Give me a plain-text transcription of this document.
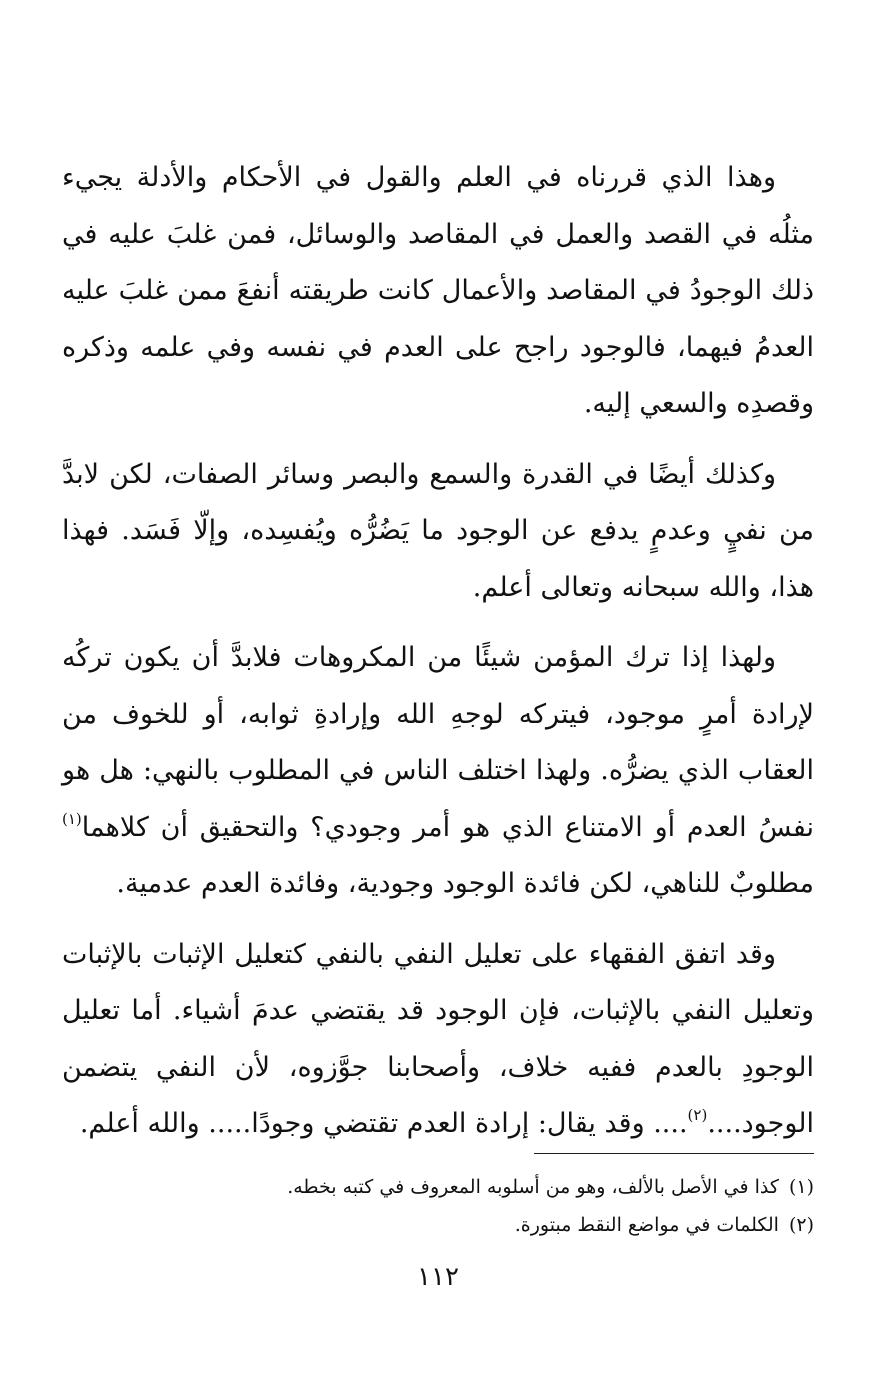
وهذا الذي قررناه في العلم والقول في الأحكام والأدلة يجيء مثلُه في القصد والعمل في المقاصد والوسائل، فمن غلبَ عليه في ذلك الوجودُ في المقاصد والأعمال كانت طريقته أنفعَ ممن غلبَ عليه العدمُ فيهما، فالوجود راجح على العدم في نفسه وفي علمه وذكره وقصدِه والسعي إليه.

وكذلك أيضًا في القدرة والسمع والبصر وسائر الصفات، لكن لابدَّ من نفيٍ وعدمٍ يدفع عن الوجود ما يَضُرُّه ويُفسِده، وإلّا فَسَد. فهذا هذا، والله سبحانه وتعالى أعلم.

ولهذا إذا ترك المؤمن شيئًا من المكروهات فلابدَّ أن يكون تركُه لإرادة أمرٍ موجود، فيتركه لوجهِ الله وإرادةِ ثوابه، أو للخوف من العقاب الذي يضرُّه. ولهذا اختلف الناس في المطلوب بالنهي: هل هو نفسُ العدم أو الامتناع الذي هو أمر وجودي؟ والتحقيق أن كلاهما$^{(١)}$ مطلوبٌ للناهي، لكن فائدة الوجود وجودية، وفائدة العدم عدمية.

وقد اتفق الفقهاء على تعليل النفي بالنفي كتعليل الإثبات بالإثبات وتعليل النفي بالإثبات، فإن الوجود قد يقتضي عدمَ أشياء. أما تعليل الوجودِ بالعدم ففيه خلاف، وأصحابنا جوَّزوه، لأن النفي يتضمن الوجود....$^{(٢)}$.... وقد يقال: إرادة العدم تقتضي وجودًا..... والله أعلم.

(١)كذا في الأصل بالألف، وهو من أسلوبه المعروف في كتبه بخطه.

(٢)الكلمات في مواضع النقط مبتورة.

١١٢
